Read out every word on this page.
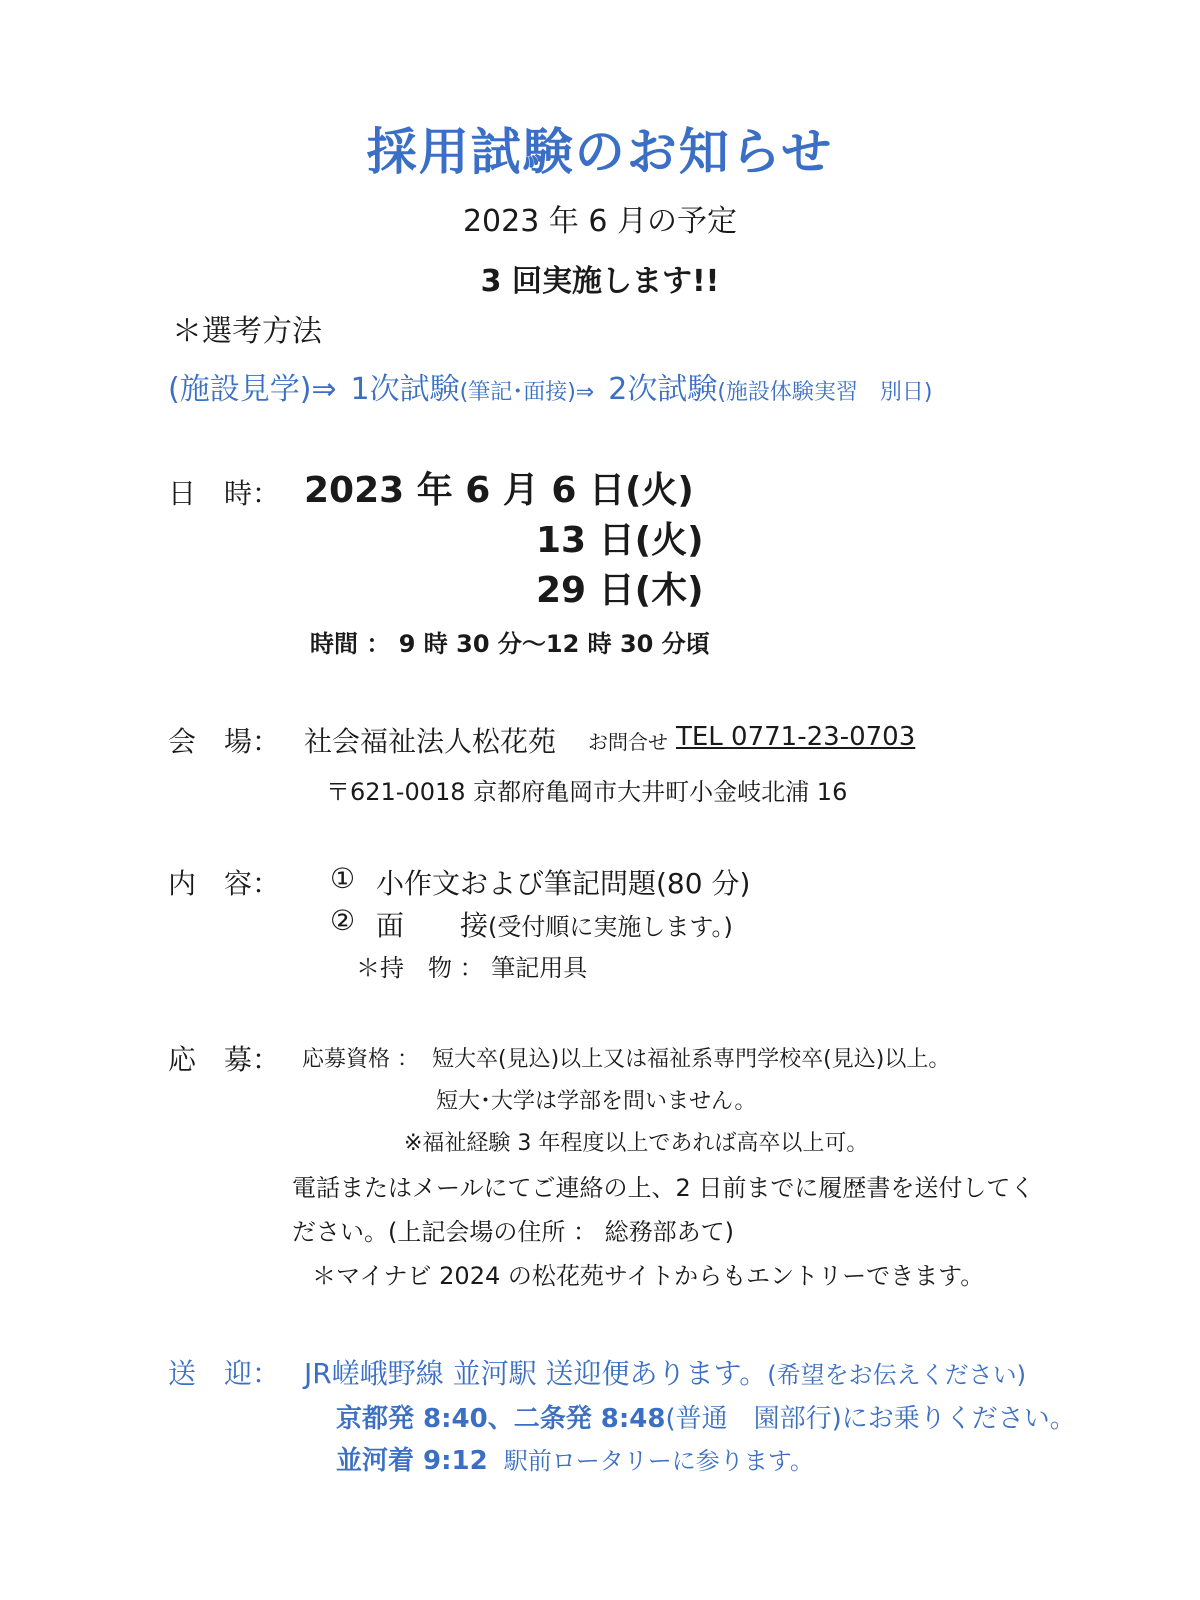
採用試験のお知らせ
2023 年 6 月の予定
3 回実施します!!
＊選考方法
(施設見学)⇒ 1次試験(筆記･面接)⇒ 2次試験(施設体験実習　別日)
日　時： 2023 年 6 月 6 日(火)
13 日(火)
29 日(木)
時間 ： 9 時 30 分～12 時 30 分頃
会　場： 社会福祉法人松花苑 お問合せ TEL 0771-23-0703
〒621-0018 京都府亀岡市大井町小金岐北浦 16
内　容： ① 小作文および筆記問題(80 分)
② 面　　接(受付順に実施します。)
＊持　物 ： 筆記用具
応　募： 応募資格 ： 短大卒(見込)以上又は福祉系専門学校卒(見込)以上。
短大･大学は学部を問いません。
※福祉経験 3 年程度以上であれば高卒以上可。
電話またはメールにてご連絡の上、2 日前までに履歴書を送付してく
ださい。(上記会場の住所 ： 総務部あて)
＊マイナビ 2024 の松花苑サイトからもエントリーできます。
送　迎： JR嵯峨野線 並河駅 送迎便あります。(希望をお伝えください)
京都発 8:40、二条発 8:48(普通　園部行)にお乗りください。
並河着 9:12 駅前ロータリーに参ります。
